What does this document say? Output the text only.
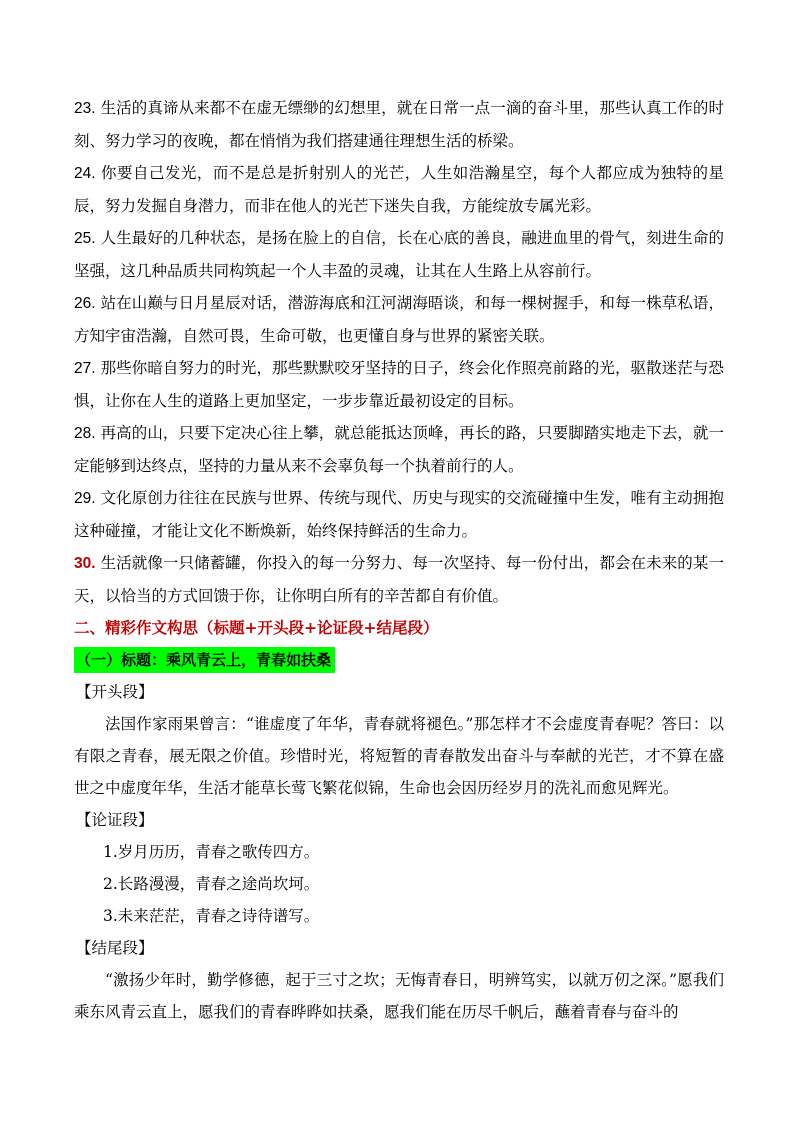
23. 生活的真谛从来都不在虚无缥缈的幻想里，就在日常一点一滴的奋斗里，那些认真工作的时刻、努力学习的夜晚，都在悄悄为我们搭建通往理想生活的桥梁。

24. 你要自己发光，而不是总是折射别人的光芒，人生如浩瀚星空，每个人都应成为独特的星辰，努力发掘自身潜力，而非在他人的光芒下迷失自我，方能绽放专属光彩。

25. 人生最好的几种状态，是扬在脸上的自信，长在心底的善良，融进血里的骨气，刻进生命的坚强，这几种品质共同构筑起一个人丰盈的灵魂，让其在人生路上从容前行。

26. 站在山巅与日月星辰对话，潜游海底和江河湖海晤谈，和每一棵树握手，和每一株草私语，方知宇宙浩瀚，自然可畏，生命可敬，也更懂自身与世界的紧密关联。

27. 那些你暗自努力的时光，那些默默咬牙坚持的日子，终会化作照亮前路的光，驱散迷茫与恐惧，让你在人生的道路上更加坚定，一步步靠近最初设定的目标。

28. 再高的山，只要下定决心往上攀，就总能抵达顶峰，再长的路，只要脚踏实地走下去，就一定能够到达终点，坚持的力量从来不会辜负每一个执着前行的人。

29. 文化原创力往往在民族与世界、传统与现代、历史与现实的交流碰撞中生发，唯有主动拥抱这种碰撞，才能让文化不断焕新，始终保持鲜活的生命力。

30. 生活就像一只储蓄罐，你投入的每一分努力、每一次坚持、每一份付出，都会在未来的某一天，以恰当的方式回馈于你，让你明白所有的辛苦都自有价值。

二、精彩作文构思（标题+开头段+论证段+结尾段）

（一）标题：乘风青云上，青春如扶桑

【开头段】

法国作家雨果曾言：“谁虚度了年华，青春就将褪色。”那怎样才不会虚度青春呢？答曰：以有限之青春，展无限之价值。珍惜时光，将短暂的青春散发出奋斗与奉献的光芒，才不算在盛世之中虚度年华，生活才能草长莺飞繁花似锦，生命也会因历经岁月的洗礼而愈见辉光。

【论证段】

1.岁月历历，青春之歌传四方。

2.长路漫漫，青春之途尚坎坷。

3.未来茫茫，青春之诗待谱写。

【结尾段】

“激扬少年时，勤学修德，起于三寸之坎；无悔青春日，明辨笃实，以就万仞之深。”愿我们乘东风青云直上，愿我们的青春晔晔如扶桑，愿我们能在历尽千帆后，蘸着青春与奋斗的
